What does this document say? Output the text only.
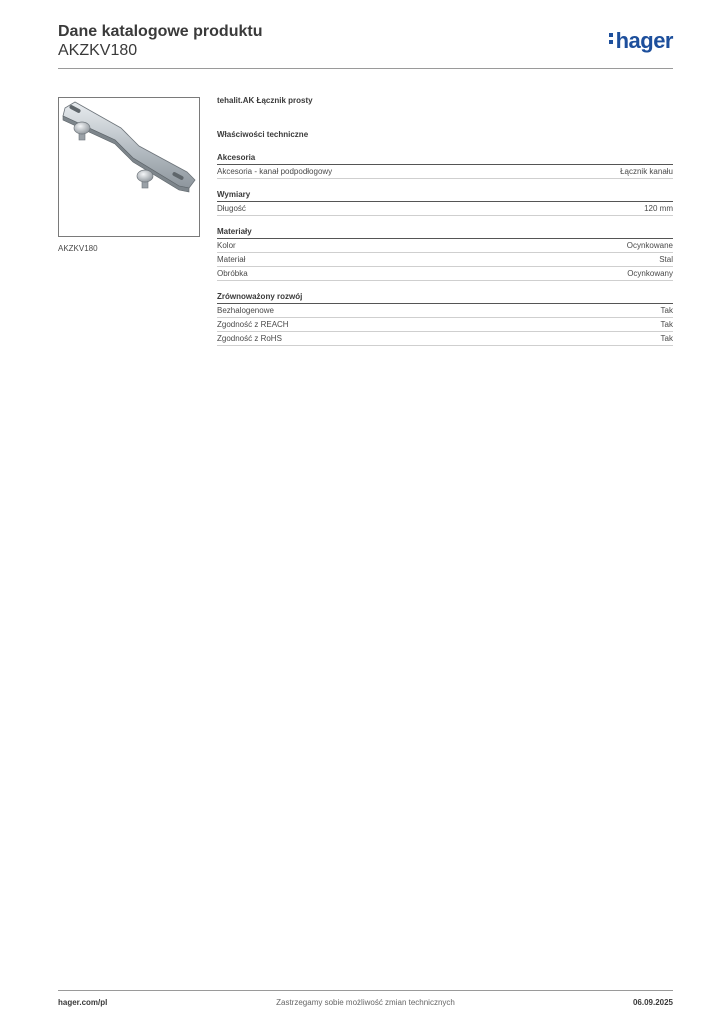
Dane katalogowe produktu
AKZKV180	hager
AKZKV180
tehalit.AK Łącznik prosty
Właściwości techniczne
Akcesoria
Akcesoria - kanał podpodłogowy	Łącznik kanału
Wymiary
Długość	120 mm
Materiały
Kolor	Ocynkowane
Materiał	Stal
Obróbka	Ocynkowany
Zrównoważony rozwój
Bezhalogenowe	Tak
Zgodność z REACH	Tak
Zgodność z RoHS	Tak
hager.com/pl	Zastrzegamy sobie możliwość zmian technicznych	06.09.2025
